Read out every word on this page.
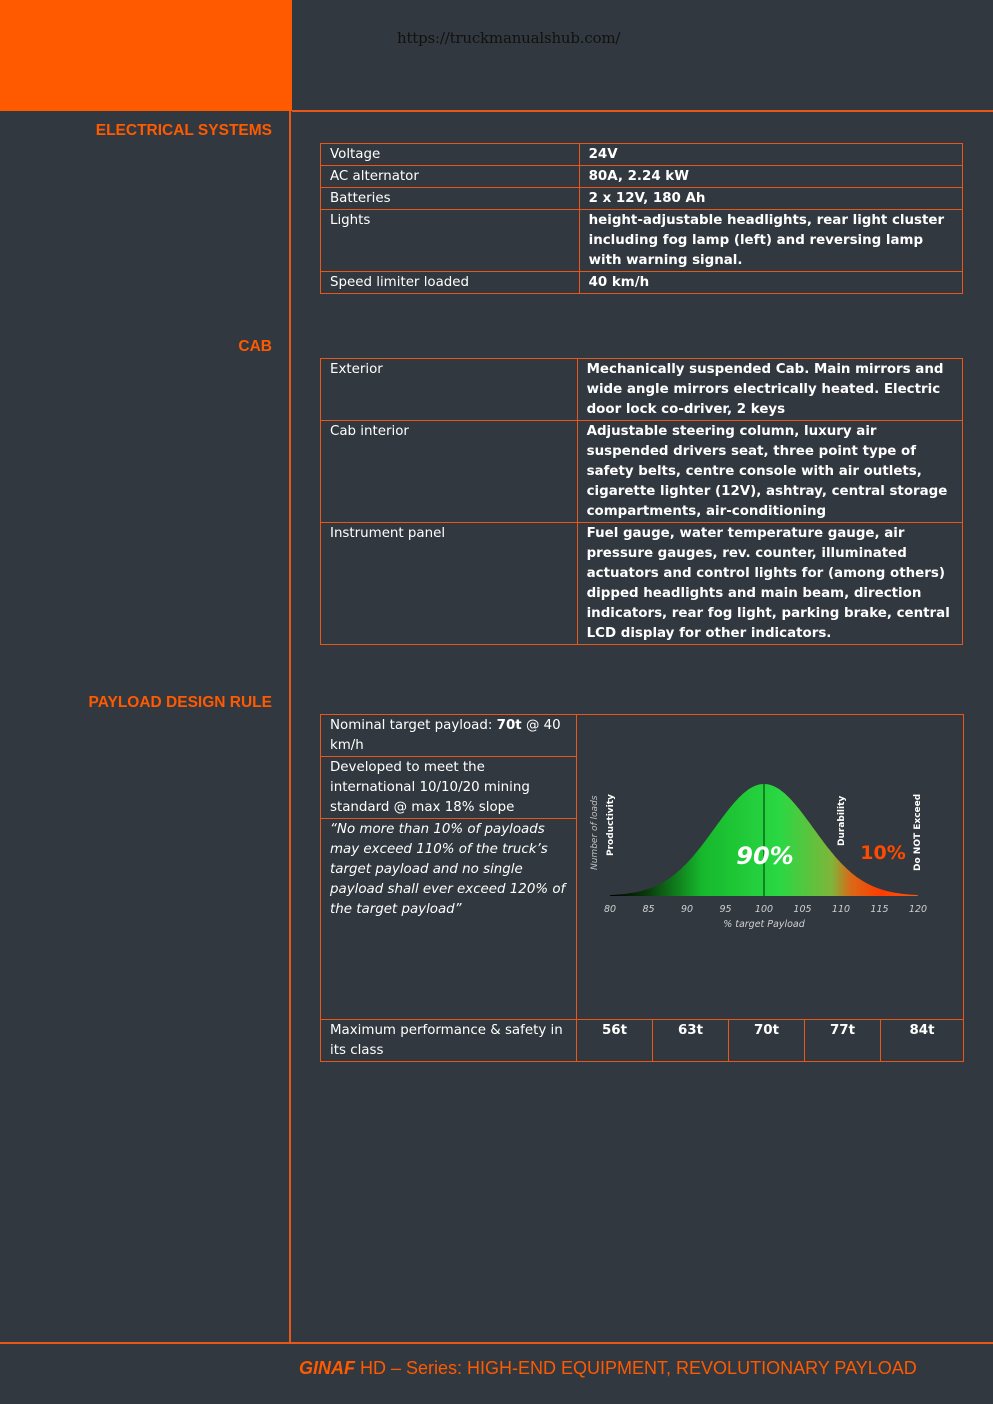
https://truckmanualshub.com/
ELECTRICAL SYSTEMS
Voltage	24V
AC alternator	80A, 2.24 kW
Batteries	2 x 12V, 180 Ah
Lights	height-adjustable headlights, rear light cluster including fog lamp (left) and reversing lamp with warning signal.
Speed limiter loaded	40 km/h
CAB
Exterior	Mechanically suspended Cab. Main mirrors and wide angle mirrors electrically heated. Electric door lock co-driver, 2 keys
Cab interior	Adjustable steering column, luxury air suspended drivers seat, three point type of safety belts, centre console with air outlets, cigarette lighter (12V), ashtray, central storage compartments, air-conditioning
Instrument panel	Fuel gauge, water temperature gauge, air pressure gauges, rev. counter, illuminated actuators and control lights for (among others) dipped headlights and main beam, direction indicators, rear fog light, parking brake, central LCD display for other indicators.
PAYLOAD DESIGN RULE
Nominal target payload: 70t @ 40 km/h					
Developed to meet the international 10/10/20 mining standard @ max 18% slope					
“No more than 10% of payloads may exceed 110% of the truck’s target payload and no single payload shall ever exceed 120% of the target payload”					
Maximum performance & safety in its class	56t	63t	70t	77t	84t
80	85	90	95 100 105 110 115 120
% target Payload
Number of loads Productivity	Durability	Do NOT Exceed
90%	10%
GINAF HD – Series: HIGH-END EQUIPMENT, REVOLUTIONARY PAYLOAD
